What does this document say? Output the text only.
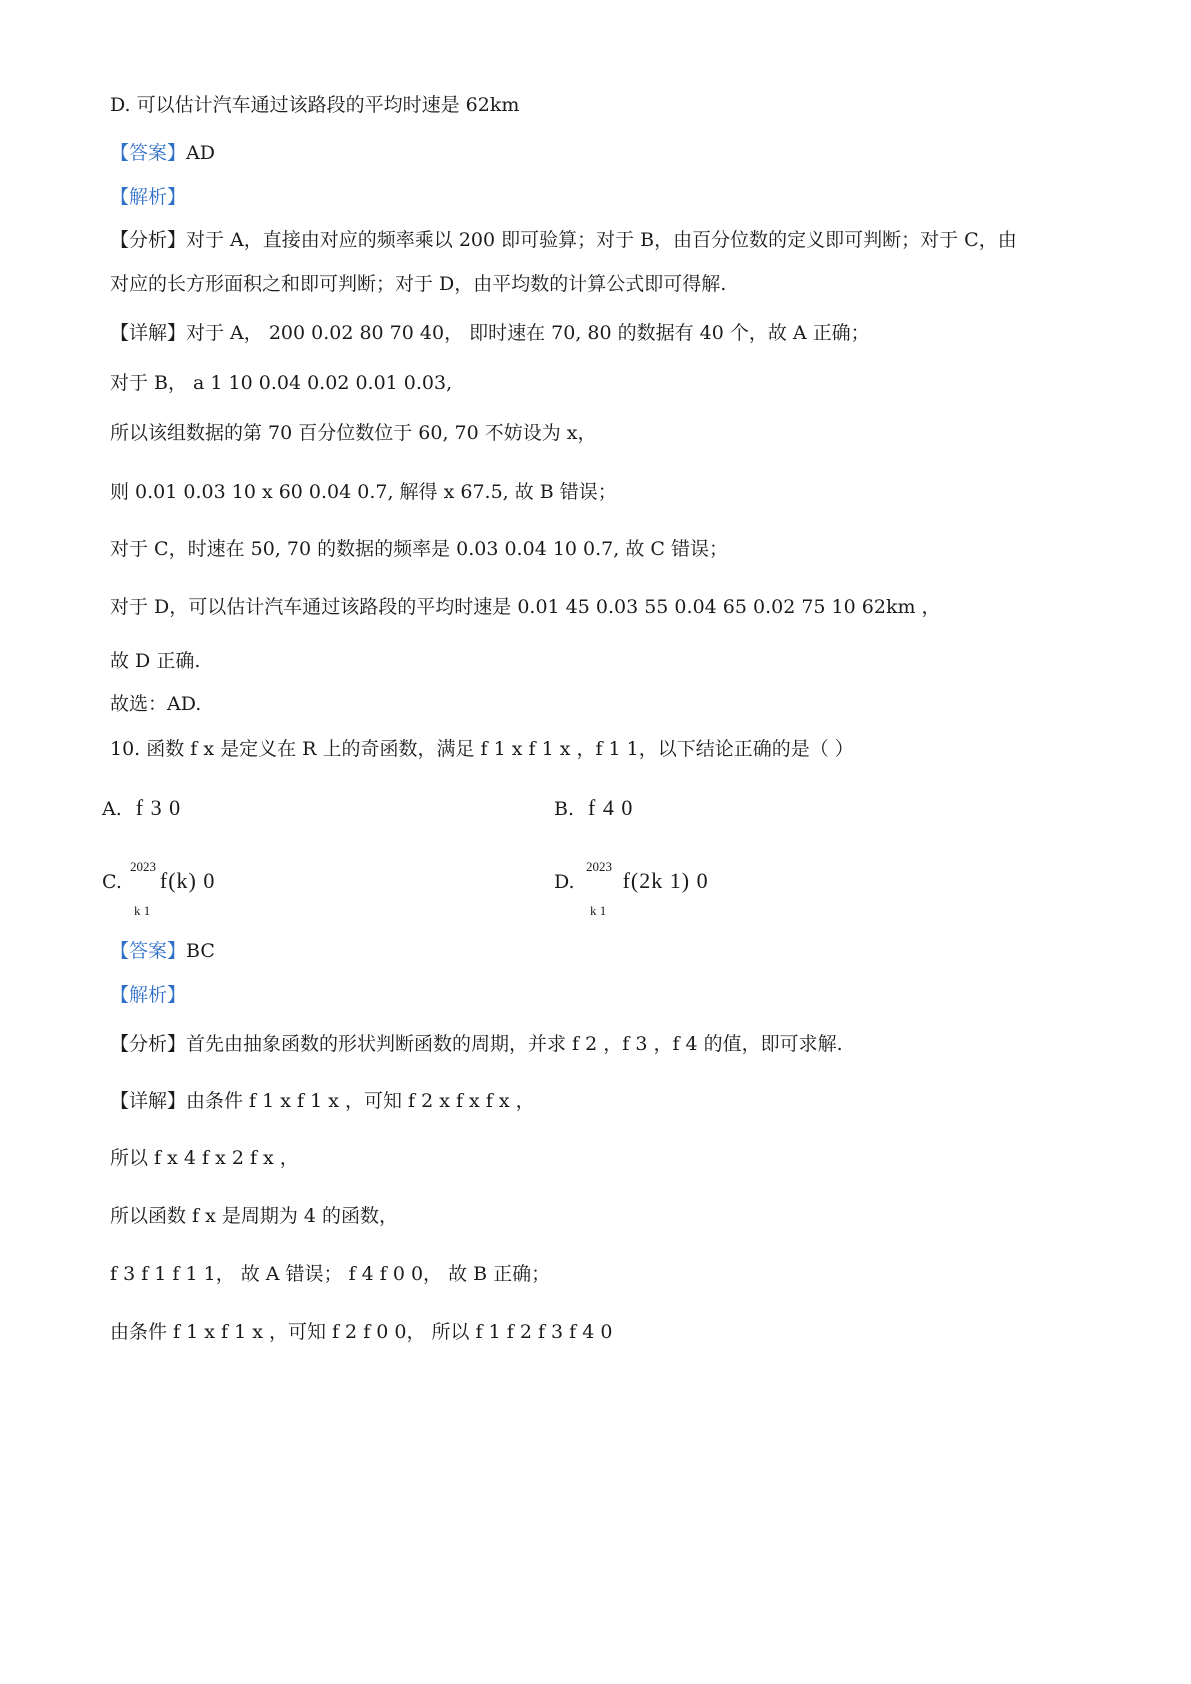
D. 可以估计汽车通过该路段的平均时速是 62km
【答案】AD
【解析】
【分析】对于 A，直接由对应的频率乘以 200 即可验算；对于 B，由百分位数的定义即可判断；对于 C，由
对应的长方形面积之和即可判断；对于 D，由平均数的计算公式即可得解.
【详解】对于 A， 200 0.02 80 70 40， 即时速在 70, 80 的数据有 40 个，故 A 正确；
对于 B， a 1 10 0.04 0.02 0.01 0.03,
所以该组数据的第 70 百分位数位于 60, 70 不妨设为 x，
则 0.01 0.03 10 x 60 0.04 0.7, 解得 x 67.5, 故 B 错误；
对于 C，时速在 50, 70 的数据的频率是 0.03 0.04 10 0.7, 故 C 错误；
对于 D，可以估计汽车通过该路段的平均时速是 0.01 45 0.03 55 0.04 65 0.02 75 10 62km ，
故 D 正确.
故选：AD.
10. 函数 f x 是定义在 R 上的奇函数，满足 f 1 x f 1 x ，f 1 1，以下结论正确的是（ ）
A. f 3 0	B. f 4 0
2023
C. f(k) 0
k 1
2023
D. f(2k 1) 0
k 1
【答案】BC
【解析】
【分析】首先由抽象函数的形状判断函数的周期，并求 f 2 ，f 3 ，f 4 的值，即可求解.
【详解】由条件 f 1 x f 1 x ，可知 f 2 x f x f x ，
所以 f x 4 f x 2 f x ，
所以函数 f x 是周期为 4 的函数，
f 3 f 1 f 1 1， 故 A 错误； f 4 f 0 0， 故 B 正确；
由条件 f 1 x f 1 x ，可知 f 2 f 0 0， 所以 f 1 f 2 f 3 f 4 0
